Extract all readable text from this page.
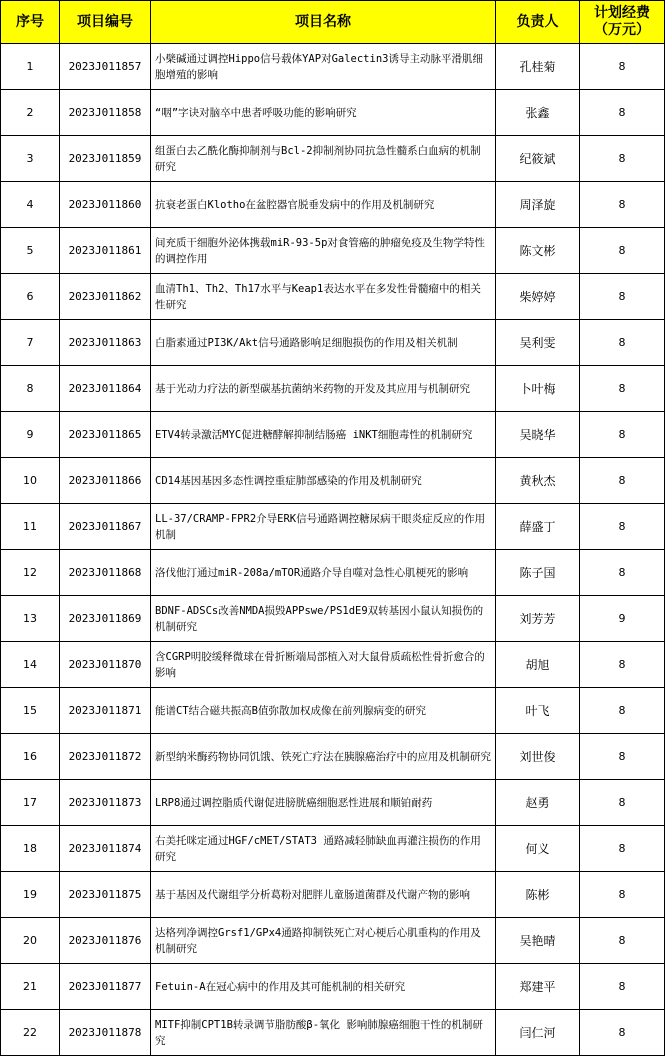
序号	项目编号	项目名称	负责人	计划经费
（万元）

1	2023J011857	小檗碱通过调控Hippo信号载体YAP对Galectin3诱导主动脉平滑肌细胞增殖的影响	孔桂菊	8
2	2023J011858	“咽”字诀对脑卒中患者呼吸功能的影响研究	张鑫	8
3	2023J011859	组蛋白去乙酰化酶抑制剂与Bcl-2抑制剂协同抗急性髓系白血病的机制研究	纪筱斌	8
4	2023J011860	抗衰老蛋白Klotho在盆腔器官脱垂发病中的作用及机制研究	周泽旋	8
5	2023J011861	间充质干细胞外泌体携载miR-93-5p对食管癌的肿瘤免疫及生物学特性的调控作用	陈文彬	8
6	2023J011862	血清Th1、Th2、Th17水平与Keap1表达水平在多发性骨髓瘤中的相关性研究	柴婷婷	8
7	2023J011863	白脂素通过PI3K/Akt信号通路影响足细胞损伤的作用及相关机制	吴利雯	8
8	2023J011864	基于光动力疗法的新型碳基抗菌纳米药物的开发及其应用与机制研究	卜叶梅	8
9	2023J011865	ETV4转录激活MYC促进糖酵解抑制结肠癌 iNKT细胞毒性的机制研究	吴晓华	8
10	2023J011866	CD14基因基因多态性调控重症肺部感染的作用及机制研究	黄秋杰	8
11	2023J011867	LL-37/CRAMP-FPR2介导ERK信号通路调控糖尿病干眼炎症反应的作用机制	薛盛丁	8
12	2023J011868	洛伐他汀通过miR-208a/mTOR通路介导自噬对急性心肌梗死的影响	陈子国	8
13	2023J011869	BDNF-ADSCs改善NMDA损毁APPswe/PS1dE9双转基因小鼠认知损伤的机制研究	刘芳芳	9
14	2023J011870	含CGRP明胶缓释微球在骨折断端局部植入对大鼠骨质疏松性骨折愈合的影响	胡旭	8
15	2023J011871	能谱CT结合磁共振高B值弥散加权成像在前列腺病变的研究	叶飞	8
16	2023J011872	新型纳米酶药物协同饥饿、铁死亡疗法在胰腺癌治疗中的应用及机制研究	刘世俊	8
17	2023J011873	LRP8通过调控脂质代谢促进膀胱癌细胞恶性进展和顺铂耐药	赵勇	8
18	2023J011874	右美托咪定通过HGF/cMET/STAT3 通路减轻肺缺血再灌注损伤的作用研究	何义	8
19	2023J011875	基于基因及代谢组学分析葛粉对肥胖儿童肠道菌群及代谢产物的影响	陈彬	8
20	2023J011876	达格列净调控Grsf1/GPx4通路抑制铁死亡对心梗后心肌重构的作用及机制研究	吴艳晴	8
21	2023J011877	Fetuin-A在冠心病中的作用及其可能机制的相关研究	郑建平	8
22	2023J011878	MITF抑制CPT1B转录调节脂肪酸β-氧化 影响肺腺癌细胞干性的机制研究	闫仁河	8
